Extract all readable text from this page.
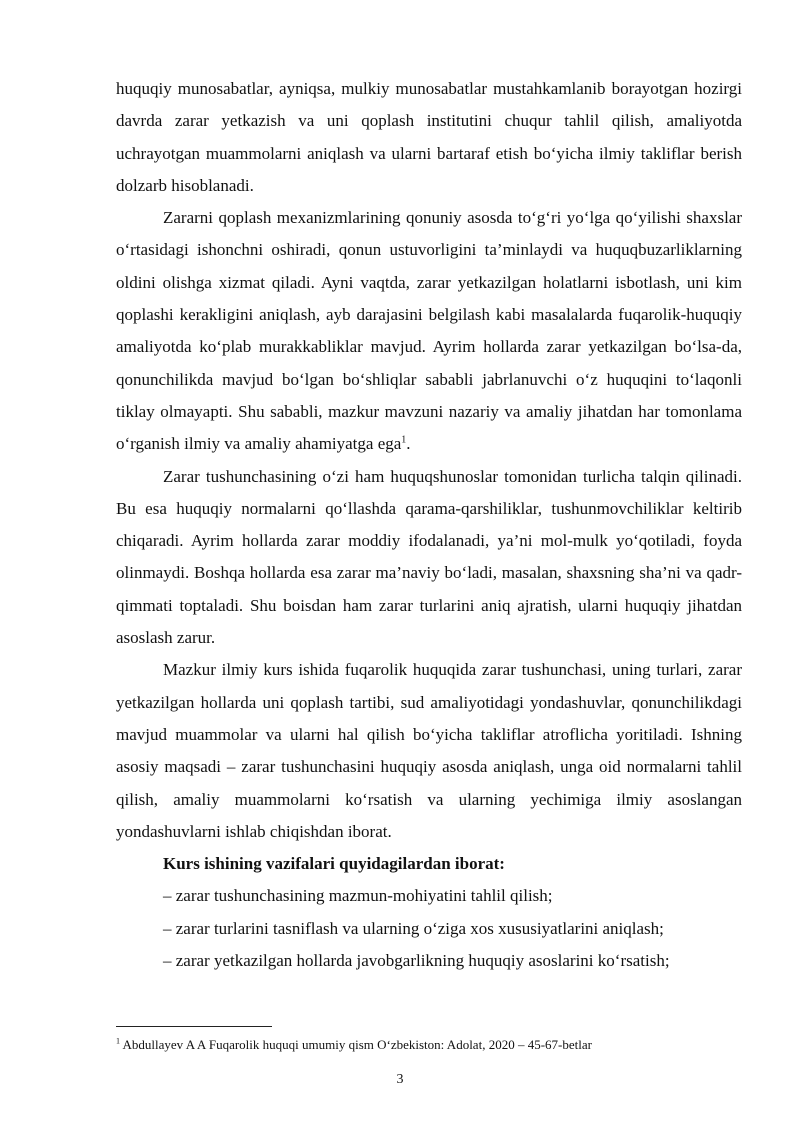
huquqiy munosabatlar, ayniqsa, mulkiy munosabatlar mustahkamlanib borayotgan hozirgi davrda zarar yetkazish va uni qoplash institutini chuqur tahlil qilish, amaliyotda uchrayotgan muammolarni aniqlash va ularni bartaraf etish bo‘yicha ilmiy takliflar berish dolzarb hisoblanadi.

Zararni qoplash mexanizmlarining qonuniy asosda to‘g‘ri yo‘lga qo‘yilishi shaxslar o‘rtasidagi ishonchni oshiradi, qonun ustuvorligini ta’minlaydi va huquqbuzarliklarning oldini olishga xizmat qiladi. Ayni vaqtda, zarar yetkazilgan holatlarni isbotlash, uni kim qoplashi kerakligini aniqlash, ayb darajasini belgilash kabi masalalarda fuqarolik-huquqiy amaliyotda ko‘plab murakkabliklar mavjud. Ayrim hollarda zarar yetkazilgan bo‘lsa-da, qonunchilikda mavjud bo‘lgan bo‘shliqlar sababli jabrlanuvchi o‘z huquqini to‘laqonli tiklay olmayapti. Shu sababli, mazkur mavzuni nazariy va amaliy jihatdan har tomonlama o‘rganish ilmiy va amaliy ahamiyatga ega$^1$.

Zarar tushunchasining o‘zi ham huquqshunoslar tomonidan turlicha talqin qilinadi. Bu esa huquqiy normalarni qo‘llashda qarama-qarshiliklar, tushunmovchiliklar keltirib chiqaradi. Ayrim hollarda zarar moddiy ifodalanadi, ya’ni mol-mulk yo‘qotiladi, foyda olinmaydi. Boshqa hollarda esa zarar ma’naviy bo‘ladi, masalan, shaxsning sha’ni va qadr-qimmati toptaladi. Shu boisdan ham zarar turlarini aniq ajratish, ularni huquqiy jihatdan asoslash zarur.

Mazkur ilmiy kurs ishida fuqarolik huquqida zarar tushunchasi, uning turlari, zarar yetkazilgan hollarda uni qoplash tartibi, sud amaliyotidagi yondashuvlar, qonunchilikdagi mavjud muammolar va ularni hal qilish bo‘yicha takliflar atroflicha yoritiladi. Ishning asosiy maqsadi – zarar tushunchasini huquqiy asosda aniqlash, unga oid normalarni tahlil qilish, amaliy muammolarni ko‘rsatish va ularning yechimiga ilmiy asoslangan yondashuvlarni ishlab chiqishdan iborat.

Kurs ishining vazifalari quyidagilardan iborat:

– zarar tushunchasining mazmun-mohiyatini tahlil qilish;

– zarar turlarini tasniflash va ularning o‘ziga xos xususiyatlarini aniqlash;

– zarar yetkazilgan hollarda javobgarlikning huquqiy asoslarini ko‘rsatish;

$^1$ Abdullayev A A Fuqarolik huquqi umumiy qism O‘zbekiston: Adolat, 2020 – 45-67-betlar
3
